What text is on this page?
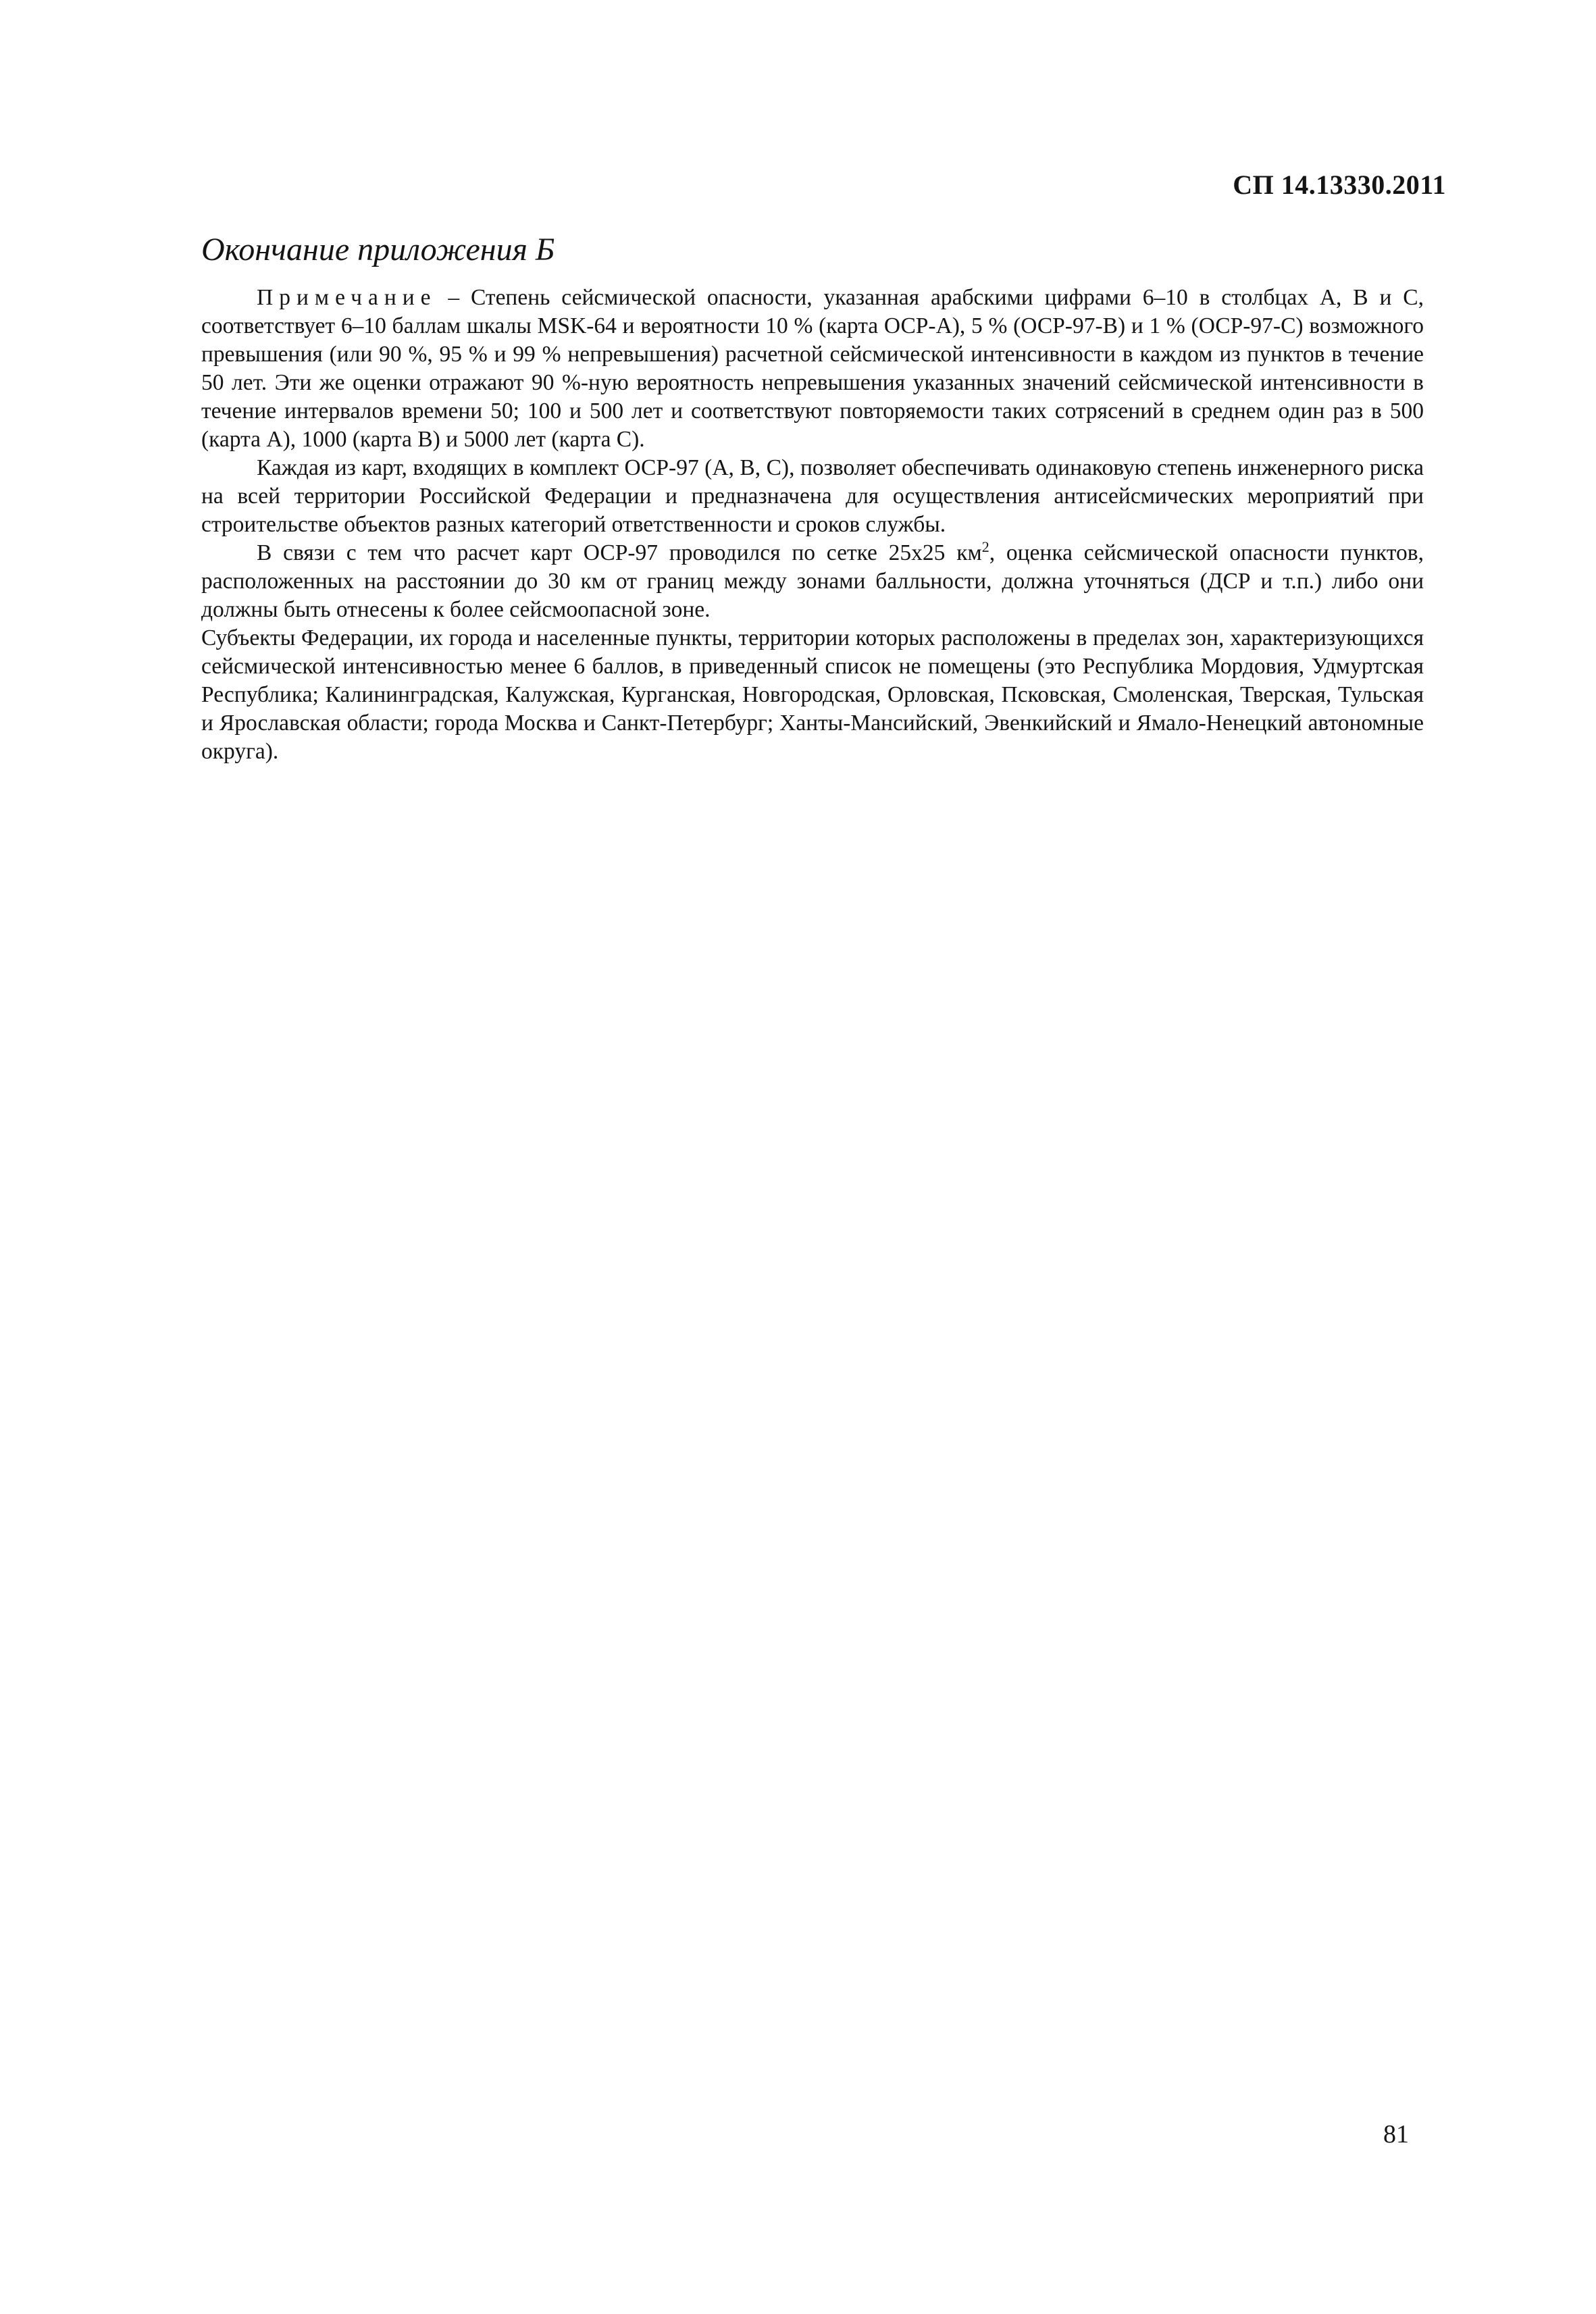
СП 14.13330.2011
Окончание приложения Б

Примечание – Степень сейсмической опасности, указанная арабскими цифрами 6–10 в столбцах А, В и С, соответствует 6–10 баллам шкалы MSK-64 и вероятности 10 % (карта ОСР-А), 5 % (ОСР-97-В) и 1 % (ОСР-97-С) возможного превышения (или 90 %, 95 % и 99 % непревышения) расчетной сейсмической интенсивности в каждом из пунктов в течение 50 лет. Эти же оценки отражают 90 %-ную вероятность непревышения указанных значений сейсмической интенсивности в течение интервалов времени 50; 100 и 500 лет и соответствуют повторяемости таких сотрясений в среднем один раз в 500 (карта А), 1000 (карта В) и 5000 лет (карта С).

Каждая из карт, входящих в комплект ОСР-97 (А, В, С), позволяет обеспечивать одинаковую степень инженерного риска на всей территории Российской Федерации и предназначена для осуществления антисейсмических мероприятий при строительстве объектов разных категорий ответственности и сроков службы.

В связи с тем что расчет карт ОСР-97 проводился по сетке 25х25 $км^2$, оценка сейсмической опасности пунктов, расположенных на расстоянии до 30 км от границ между зонами балльности, должна уточняться (ДСР и т.п.) либо они должны быть отнесены к более сейсмоопасной зоне.

Субъекты Федерации, их города и населенные пункты, территории которых расположены в пределах зон, характеризующихся сейсмической интенсивностью менее 6 баллов, в приведенный список не помещены (это Республика Мордовия, Удмуртская Республика; Калининградская, Калужская, Курганская, Новгородская, Орловская, Псковская, Смоленская, Тверская, Тульская и Ярославская области; города Москва и Санкт-Петербург; Ханты-Мансийский, Эвенкийский и Ямало-Ненецкий автономные округа).

81
